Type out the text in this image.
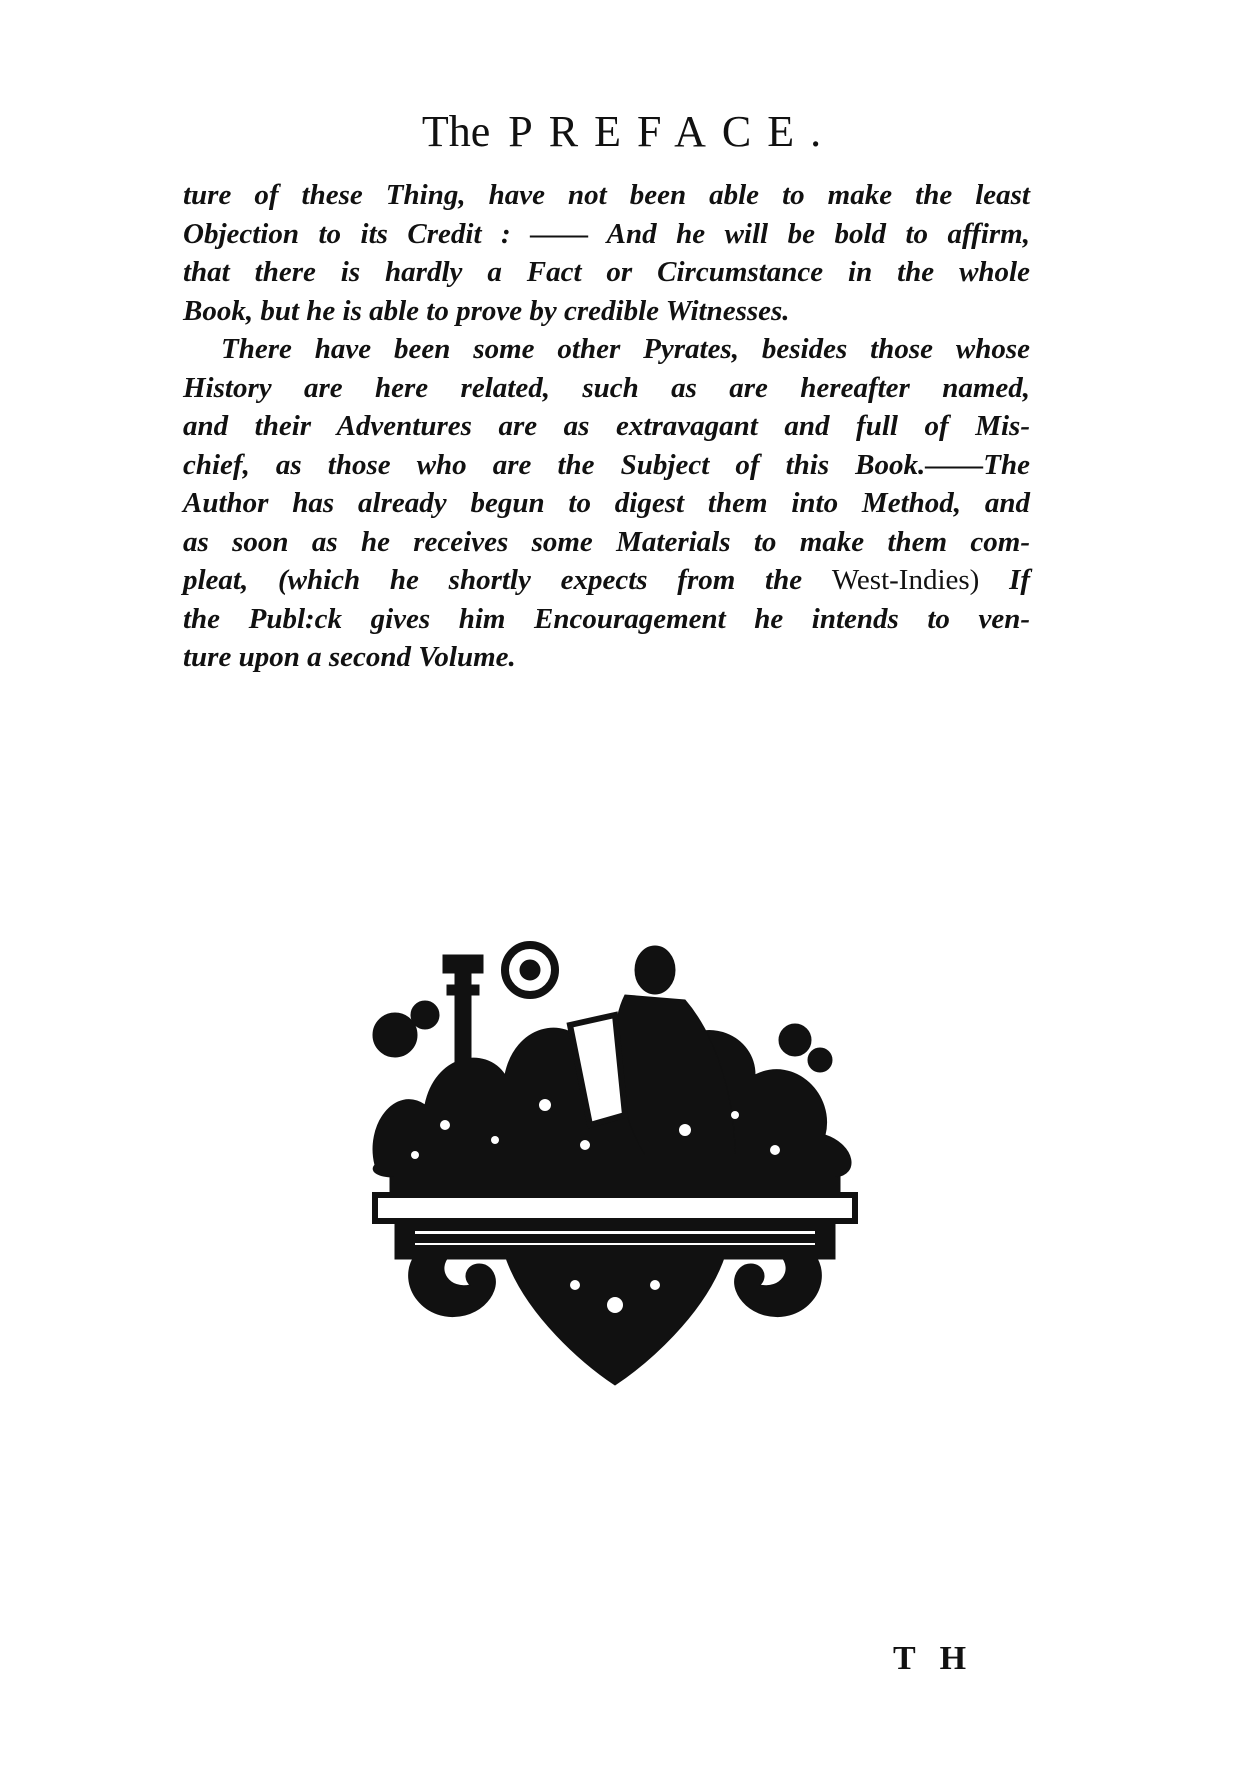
The PREFACE.
ture of these Thing, have not been able to make the least
Objection to its Credit : —— And he will be bold to affirm,
that there is hardly a Fact or Circumstance in the whole
Book, but he is able to prove by credible Witnesses.
There have been some other Pyrates, besides those whose
History are here related, such as are hereafter named,
and their Adventures are as extravagant and full of Mis-
chief, as those who are the Subject of this Book.——The
Author has already begun to digest them into Method, and
as soon as he receives some Materials to make them com-
pleat, (which he shortly expects from the West-Indies) If
the Publ:ck gives him Encouragement he intends to ven-
ture upon a second Volume.
T H
